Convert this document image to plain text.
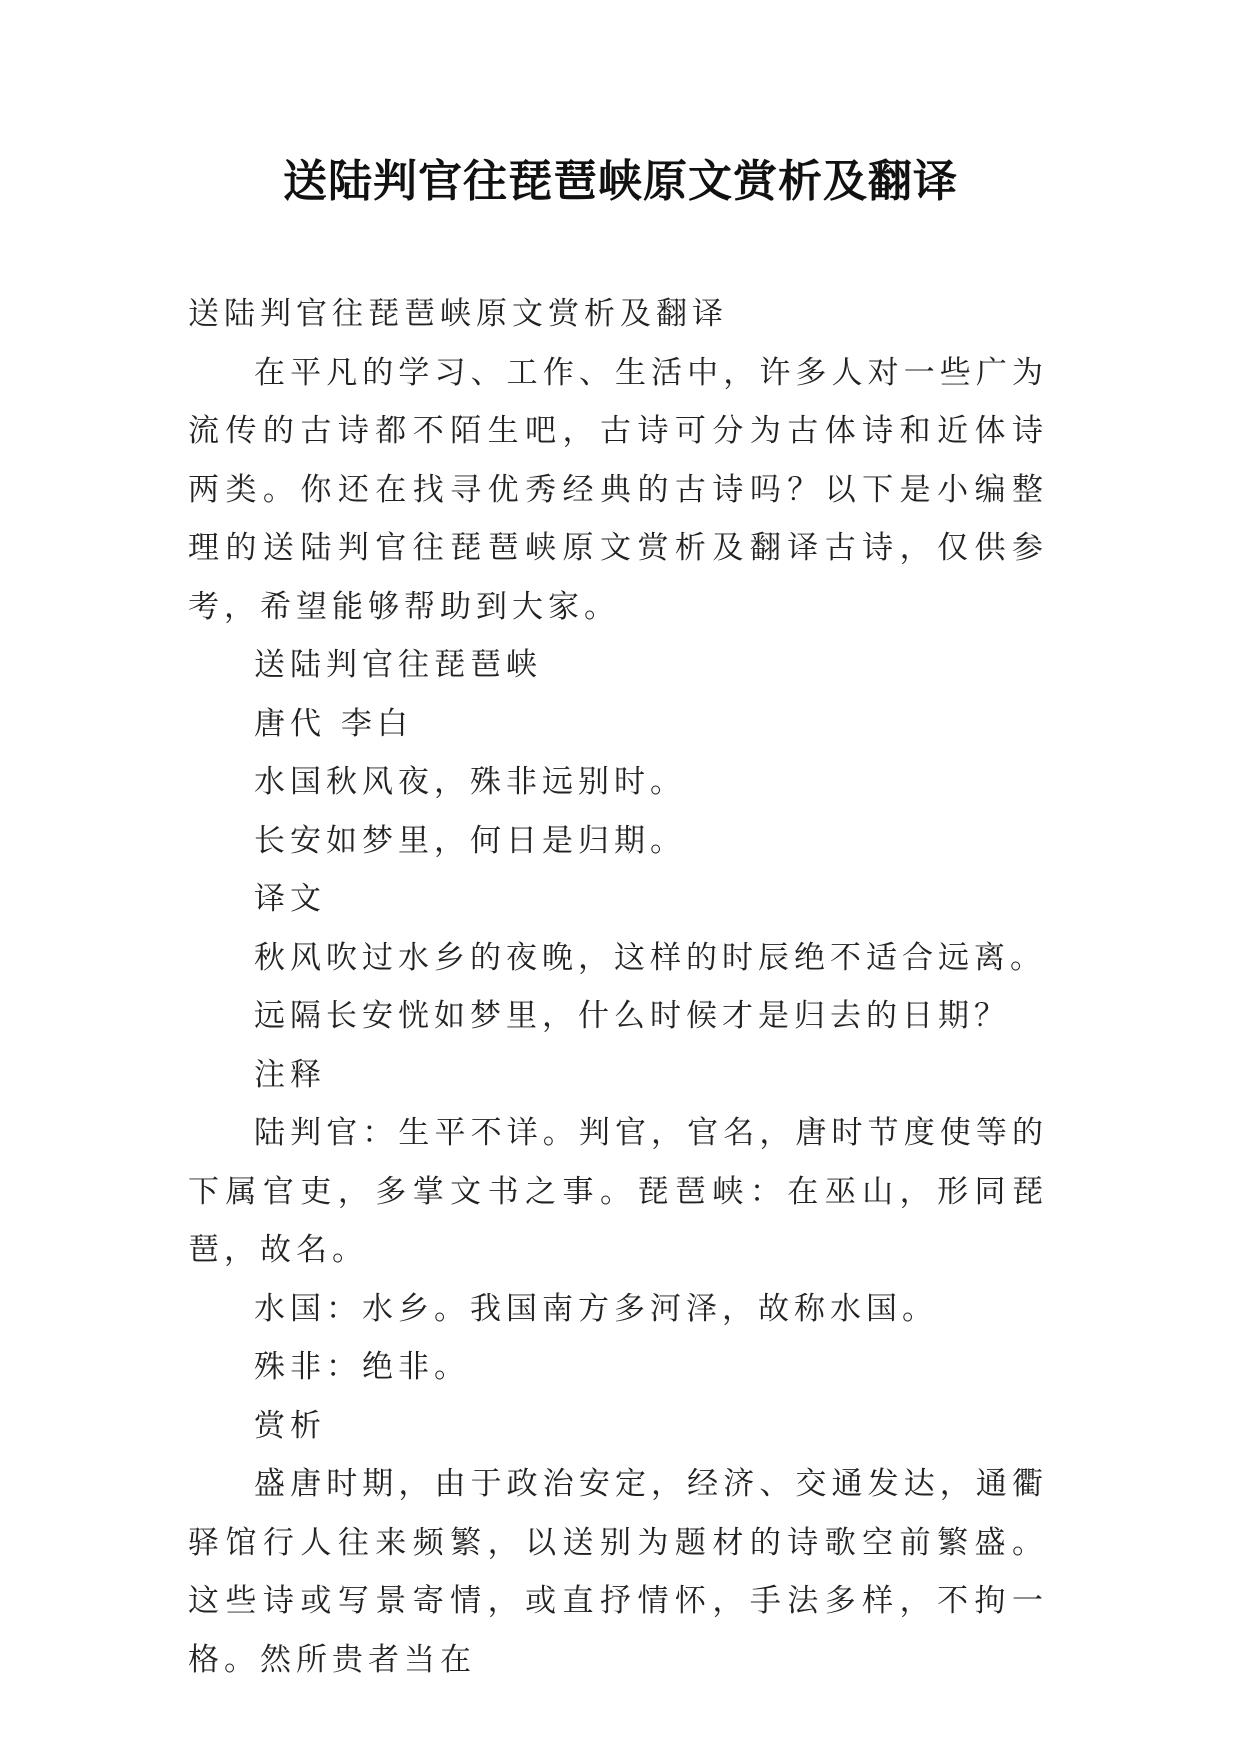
送陆判官往琵琶峡原文赏析及翻译

送陆判官往琵琶峡原文赏析及翻译

在平凡的学习、工作、生活中，许多人对一些广为流传的古诗都不陌生吧，古诗可分为古体诗和近体诗两类。你还在找寻优秀经典的古诗吗？以下是小编整理的送陆判官往琵琶峡原文赏析及翻译古诗，仅供参考，希望能够帮助到大家。

送陆判官往琵琶峡

唐代 李白

水国秋风夜，殊非远别时。

长安如梦里，何日是归期。

译文

秋风吹过水乡的夜晚，这样的时辰绝不适合远离。

远隔长安恍如梦里，什么时候才是归去的日期？

注释

陆判官：生平不详。判官，官名，唐时节度使等的下属官吏，多掌文书之事。琵琶峡：在巫山，形同琵琶，故名。

水国：水乡。我国南方多河泽，故称水国。

殊非：绝非。

赏析

盛唐时期，由于政治安定，经济、交通发达，通衢驿馆行人往来频繁，以送别为题材的诗歌空前繁盛。这些诗或写景寄情，或直抒情怀，手法多样，不拘一格。然所贵者当在
